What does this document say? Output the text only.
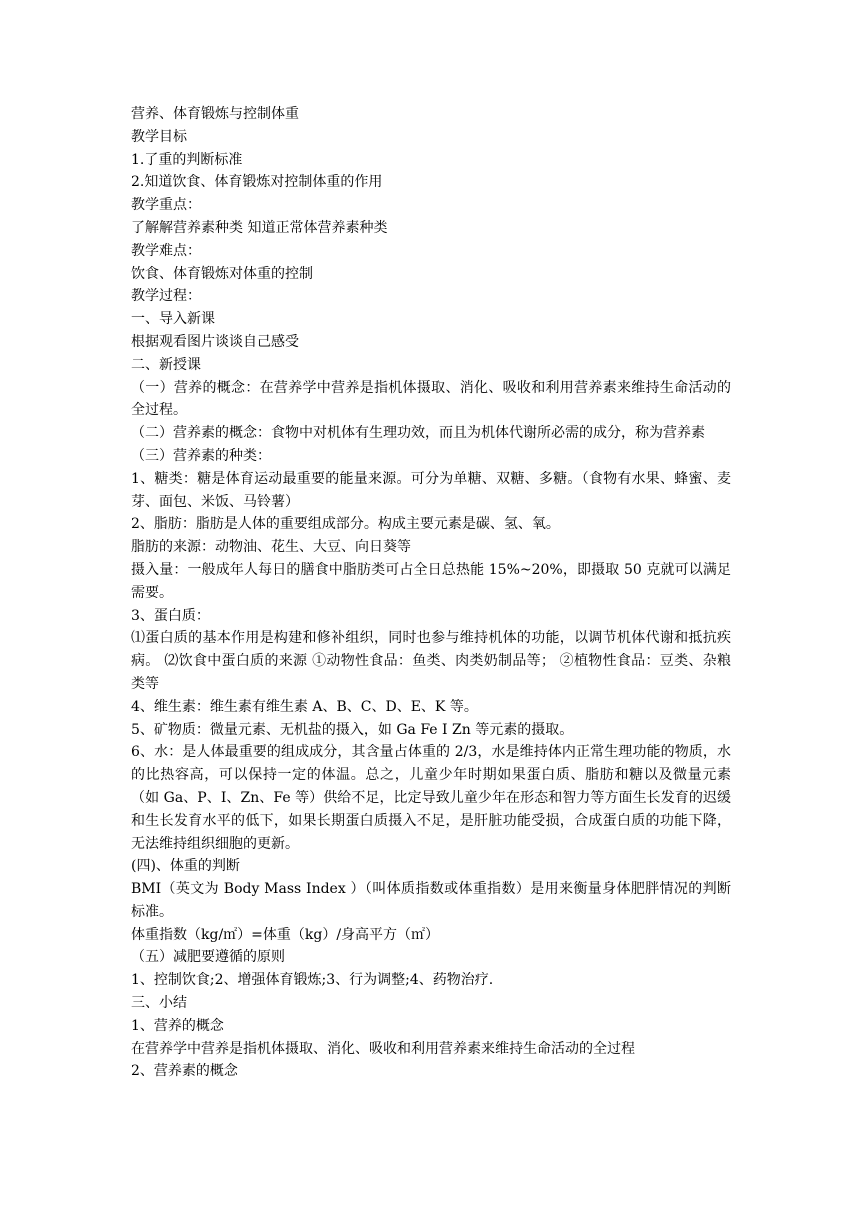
营养、体育锻炼与控制体重

教学目标

1.了重的判断标准

2.知道饮食、体育锻炼对控制体重的作用

教学重点：

了解解营养素种类 知道正常体营养素种类

教学难点：

饮食、体育锻炼对体重的控制

教学过程：

一、导入新课

根据观看图片谈谈自己感受

二、新授课

（一）营养的概念：在营养学中营养是指机体摄取、消化、吸收和利用营养素来维持生命活动的全过程。

（二）营养素的概念：食物中对机体有生理功效，而且为机体代谢所必需的成分，称为营养素

（三）营养素的种类：

1、糖类：糖是体育运动最重要的能量来源。可分为单糖、双糖、多糖。（食物有水果、蜂蜜、麦芽、面包、米饭、马铃薯）

2、脂肪：脂肪是人体的重要组成部分。构成主要元素是碳、氢、氧。

脂肪的来源：动物油、花生、大豆、向日葵等

摄入量：一般成年人每日的膳食中脂肪类可占全日总热能 15%~20%，即摄取 50 克就可以满足需要。

3、蛋白质：

⑴蛋白质的基本作用是构建和修补组织，同时也参与维持机体的功能，以调节机体代谢和抵抗疾病。 ⑵饮食中蛋白质的来源 ①动物性食品：鱼类、肉类奶制品等； ②植物性食品：豆类、杂粮类等

4、维生素：维生素有维生素 A、B、C、D、E、K 等。

5、矿物质：微量元素、无机盐的摄入，如 Ga Fe I Zn 等元素的摄取。

6、水：是人体最重要的组成成分，其含量占体重的 2/3，水是维持体内正常生理功能的物质，水的比热容高，可以保持一定的体温。总之，儿童少年时期如果蛋白质、脂肪和糖以及微量元素（如 Ga、P、I、Zn、Fe 等）供给不足，比定导致儿童少年在形态和智力等方面生长发育的迟缓和生长发育水平的低下，如果长期蛋白质摄入不足，是肝脏功能受损，合成蛋白质的功能下降，无法维持组织细胞的更新。

(四)、体重的判断

BMI（英文为 Body Mass Index ）（叫体质指数或体重指数）是用来衡量身体肥胖情况的判断标准。

体重指数（kg/㎡）=体重（kg）/身高平方（㎡）

（五）减肥要遵循的原则

1、控制饮食;2、增强体育锻炼;3、行为调整;4、药物治疗.

三、小结

1、营养的概念

在营养学中营养是指机体摄取、消化、吸收和利用营养素来维持生命活动的全过程

2、营养素的概念
